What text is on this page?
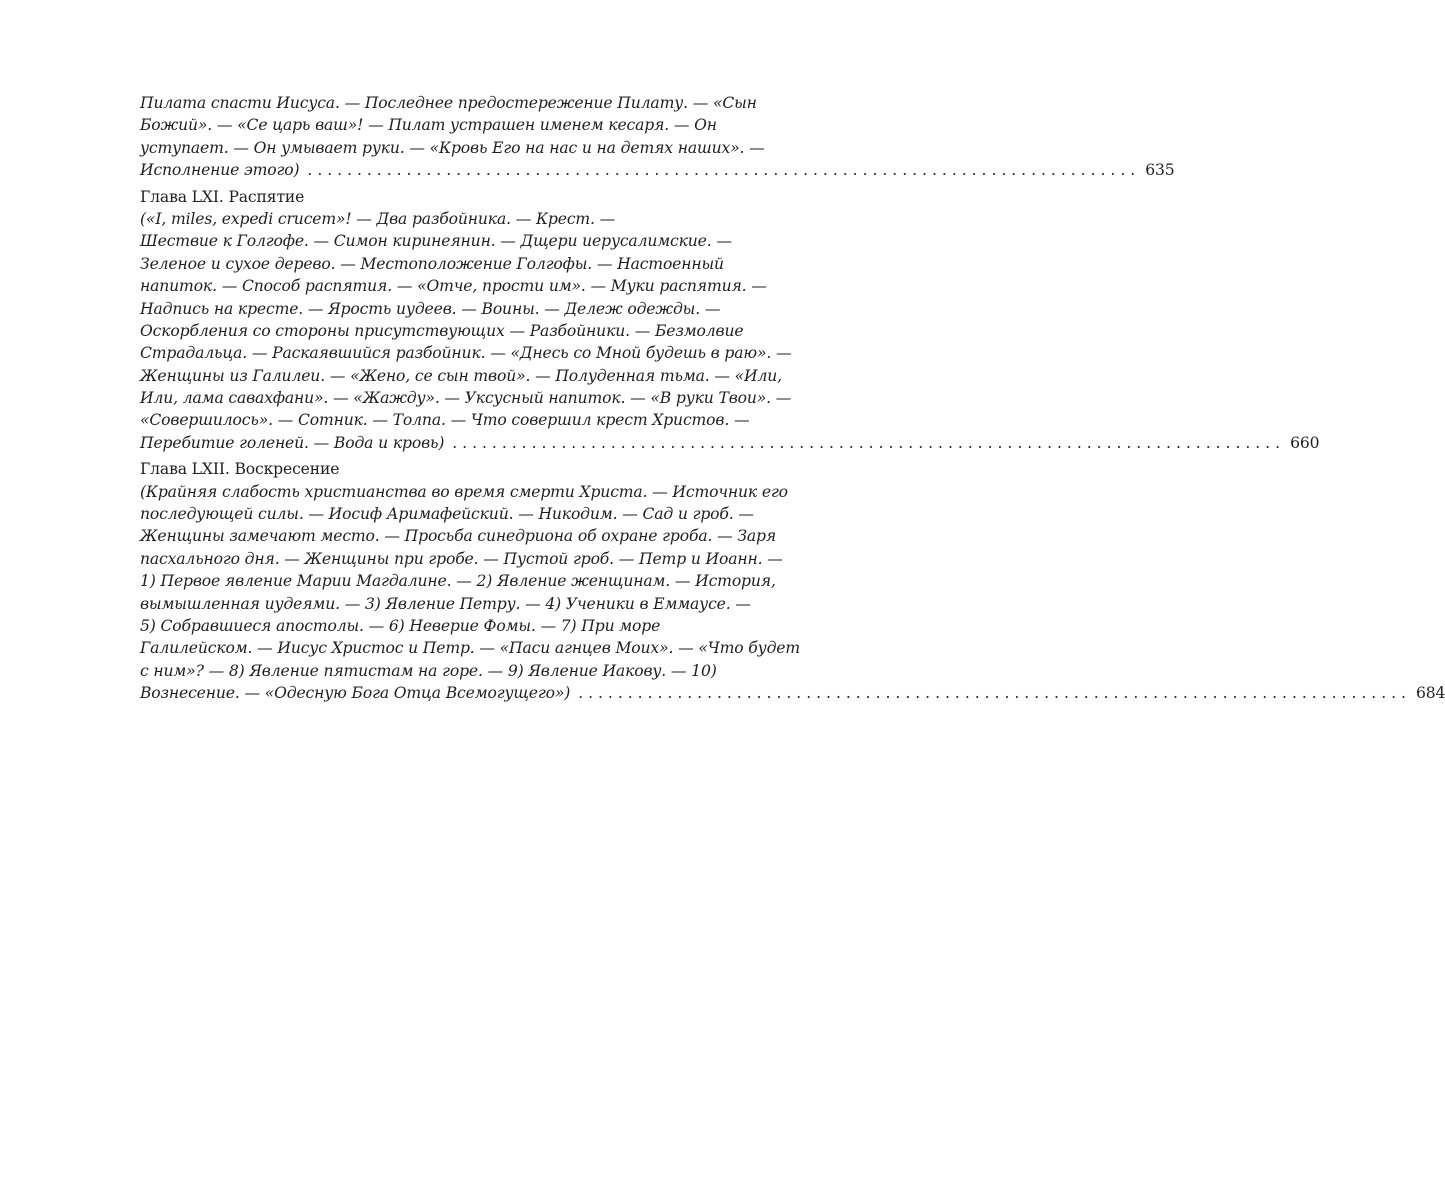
Пилата спасти Иисуса. — Последнее предостережение Пилату. — «Сын
Божий». — «Се царь ваш»! — Пилат устрашен именем кесаря. — Он
уступает. — Он умывает руки. — «Кровь Его на нас и на детях наших». —
Исполнение этого) . . .	635
Глава LXI. Распятие
(«I, miles, expedi crucem»! — Два разбойника. — Крест. —
Шествие к Голгофе. — Симон киринеянин. — Дщери иерусалимские. —
Зеленое и сухое дерево. — Местоположение Голгофы. — Настоенный
напиток. — Способ распятия. — «Отче, прости им». — Муки распятия. —
Надпись на кресте. — Ярость иудеев. — Воины. — Дележ одежды. —
Оскорбления со стороны присутствующих — Разбойники. — Безмолвие
Страдальца. — Раскаявшийся разбойник. — «Днесь со Мной будешь в раю». —
Женщины из Галилеи. — «Жено, се сын твой». — Полуденная тьма. — «Или,
Или, лама савахфани». — «Жажду». — Уксусный напиток. — «В руки Твои». —
«Совершилось». — Сотник. — Толпа. — Что совершил крест Христов. —
Перебитие голеней. — Вода и кровь) . . .	660
Глава LXII. Воскресение
(Крайняя слабость христианства во время смерти Христа. — Источник его
последующей силы. — Иосиф Аримафейский. — Никодим. — Сад и гроб. —
Женщины замечают место. — Просьба синедриона об охране гроба. — Заря
пасхального дня. — Женщины при гробе. — Пустой гроб. — Петр и Иоанн. —
1) Первое явление Марии Магдалине. — 2) Явление женщинам. — История,
вымышленная иудеями. — 3) Явление Петру. — 4) Ученики в Еммаусе. —
5) Собравшиеся апостолы. — 6) Неверие Фомы. — 7) При море
Галилейском. — Иисус Христос и Петр. — «Паси агнцев Моих». — «Что будет
с ним»? — 8) Явление пятистам на горе. — 9) Явление Иакову. — 10)
Вознесение. — «Одесную Бога Отца Всемогущего») . . .	684
